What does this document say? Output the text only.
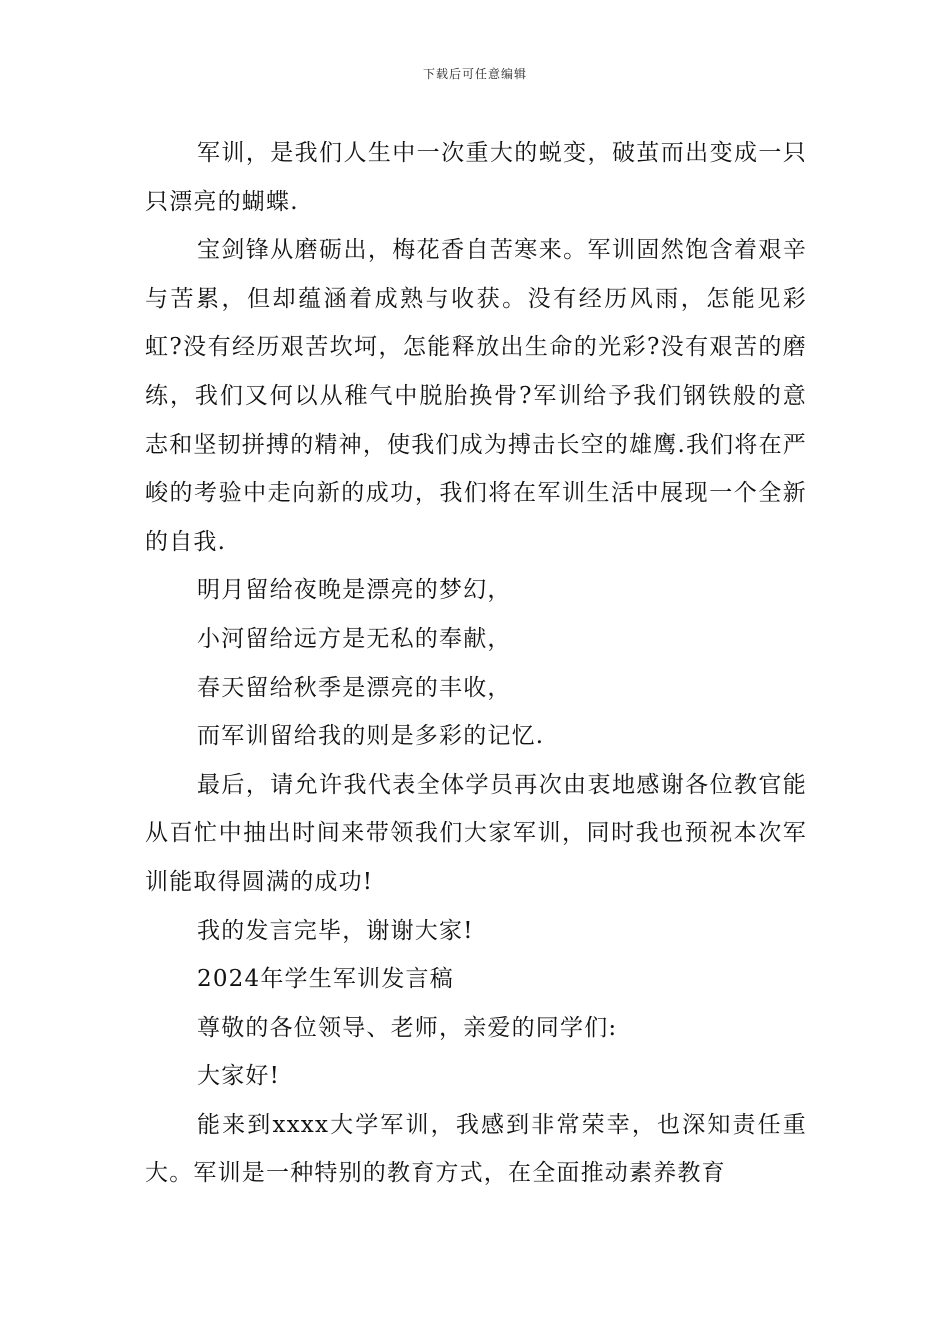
下载后可任意编辑

军训，是我们人生中一次重大的蜕变，破茧而出变成一只只漂亮的蝴蝶.

宝剑锋从磨砺出，梅花香自苦寒来。军训固然饱含着艰辛与苦累，但却蕴涵着成熟与收获。没有经历风雨，怎能见彩虹?没有经历艰苦坎坷，怎能释放出生命的光彩?没有艰苦的磨练，我们又何以从稚气中脱胎换骨?军训给予我们钢铁般的意志和坚韧拼搏的精神，使我们成为搏击长空的雄鹰.我们将在严峻的考验中走向新的成功，我们将在军训生活中展现一个全新的自我.

明月留给夜晚是漂亮的梦幻，

小河留给远方是无私的奉献，

春天留给秋季是漂亮的丰收，

而军训留给我的则是多彩的记忆.

最后，请允许我代表全体学员再次由衷地感谢各位教官能从百忙中抽出时间来带领我们大家军训，同时我也预祝本次军训能取得圆满的成功!

我的发言完毕，谢谢大家!

2024年学生军训发言稿

尊敬的各位领导、老师，亲爱的同学们:

大家好!

能来到xxxx大学军训，我感到非常荣幸，也深知责任重大。军训是一种特别的教育方式，在全面推动素养教育
